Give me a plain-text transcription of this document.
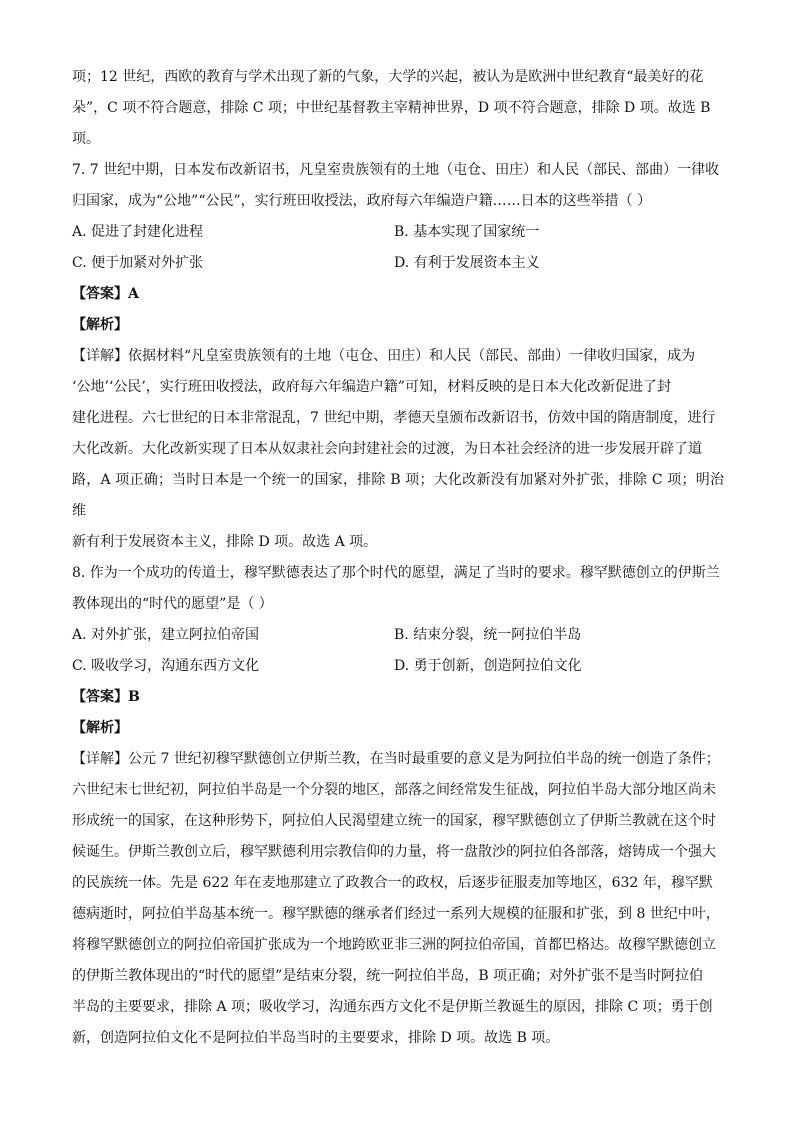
项；12 世纪，西欧的教育与学术出现了新的气象，大学的兴起，被认为是欧洲中世纪教育“最美好的花

朵”，C 项不符合题意，排除 C 项；中世纪基督教主宰精神世界，D 项不符合题意，排除 D 项。故选 B

项。

7. 7 世纪中期，日本发布改新诏书，凡皇室贵族领有的土地（屯仓、田庄）和人民（部民、部曲）一律收

归国家，成为“公地”“公民”，实行班田收授法，政府每六年编造户籍……日本的这些举措（ ）

A. 促进了封建化进程	B. 基本实现了国家统一
C. 便于加紧对外扩张	D. 有利于发展资本主义

【答案】A

【解析】

【详解】依据材料“凡皇室贵族领有的土地（屯仓、田庄）和人民（部民、部曲）一律收归国家，成为

‘公地’‘公民’，实行班田收授法，政府每六年编造户籍”可知，材料反映的是日本大化改新促进了封

建化进程。六七世纪的日本非常混乱，7 世纪中期，孝德天皇颁布改新诏书，仿效中国的隋唐制度，进行

大化改新。大化改新实现了日本从奴隶社会向封建社会的过渡，为日本社会经济的进一步发展开辟了道

路，A 项正确；当时日本是一个统一的国家，排除 B 项；大化改新没有加紧对外扩张，排除 C 项；明治维

新有利于发展资本主义，排除 D 项。故选 A 项。

8. 作为一个成功的传道士，穆罕默德表达了那个时代的愿望，满足了当时的要求。穆罕默德创立的伊斯兰

教体现出的“时代的愿望”是（ ）

A. 对外扩张，建立阿拉伯帝国	B. 结束分裂，统一阿拉伯半岛
C. 吸收学习，沟通东西方文化	D. 勇于创新，创造阿拉伯文化

【答案】B

【解析】

【详解】公元 7 世纪初穆罕默德创立伊斯兰教，在当时最重要的意义是为阿拉伯半岛的统一创造了条件；

六世纪末七世纪初，阿拉伯半岛是一个分裂的地区，部落之间经常发生征战，阿拉伯半岛大部分地区尚未

形成统一的国家，在这种形势下，阿拉伯人民渴望建立统一的国家，穆罕默德创立了伊斯兰教就在这个时

候诞生。伊斯兰教创立后，穆罕默德利用宗教信仰的力量，将一盘散沙的阿拉伯各部落，熔铸成一个强大

的民族统一体。先是 622 年在麦地那建立了政教合一的政权，后逐步征服麦加等地区，632 年，穆罕默

德病逝时，阿拉伯半岛基本统一。穆罕默德的继承者们经过一系列大规模的征服和扩张，到 8 世纪中叶，

将穆罕默德创立的阿拉伯帝国扩张成为一个地跨欧亚非三洲的阿拉伯帝国，首都巴格达。故穆罕默德创立

的伊斯兰教体现出的“时代的愿望”是结束分裂，统一阿拉伯半岛，B 项正确；对外扩张不是当时阿拉伯

半岛的主要要求，排除 A 项；吸收学习，沟通东西方文化不是伊斯兰教诞生的原因，排除 C 项；勇于创

新，创造阿拉伯文化不是阿拉伯半岛当时的主要要求，排除 D 项。故选 B 项。
